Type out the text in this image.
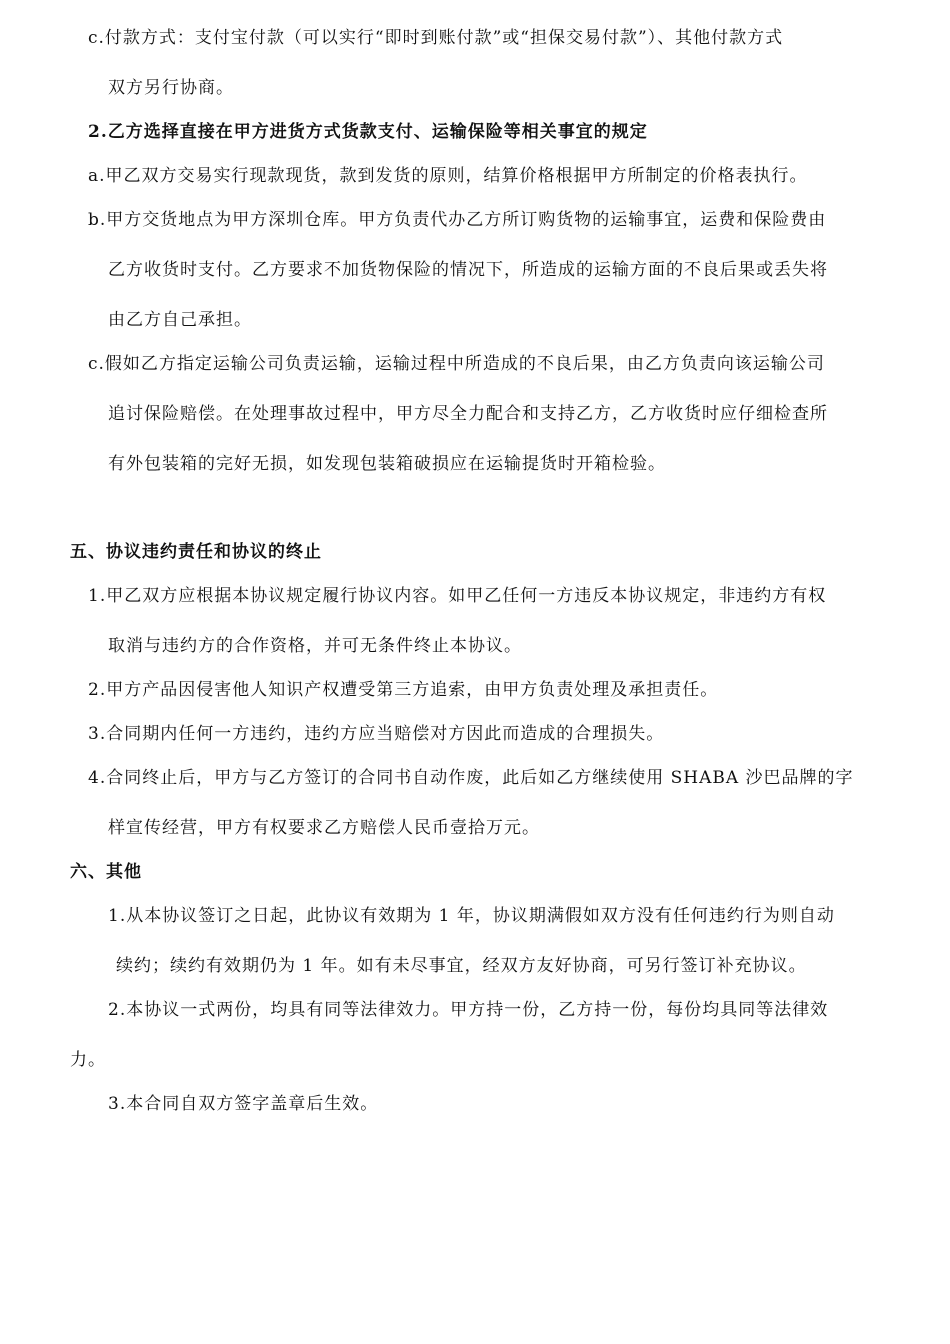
c.付款方式：支付宝付款（可以实行“即时到账付款”或“担保交易付款”）、其他付款方式
双方另行协商。
2.乙方选择直接在甲方进货方式货款支付、运输保险等相关事宜的规定
a.甲乙双方交易实行现款现货，款到发货的原则，结算价格根据甲方所制定的价格表执行。
b.甲方交货地点为甲方深圳仓库。甲方负责代办乙方所订购货物的运输事宜，运费和保险费由
乙方收货时支付。乙方要求不加货物保险的情况下，所造成的运输方面的不良后果或丢失将
由乙方自己承担。
c.假如乙方指定运输公司负责运输，运输过程中所造成的不良后果，由乙方负责向该运输公司
追讨保险赔偿。在处理事故过程中，甲方尽全力配合和支持乙方，乙方收货时应仔细检查所
有外包装箱的完好无损，如发现包装箱破损应在运输提货时开箱检验。
五、协议违约责任和协议的终止
1.甲乙双方应根据本协议规定履行协议内容。如甲乙任何一方违反本协议规定，非违约方有权
取消与违约方的合作资格，并可无条件终止本协议。
2.甲方产品因侵害他人知识产权遭受第三方追索，由甲方负责处理及承担责任。
3.合同期内任何一方违约，违约方应当赔偿对方因此而造成的合理损失。
4.合同终止后，甲方与乙方签订的合同书自动作废，此后如乙方继续使用 SHABA 沙巴品牌的字
样宣传经营，甲方有权要求乙方赔偿人民币壹拾万元。
六、其他
1.从本协议签订之日起，此协议有效期为 1 年，协议期满假如双方没有任何违约行为则自动
续约；续约有效期仍为 1 年。如有未尽事宜，经双方友好协商，可另行签订补充协议。
2.本协议一式两份，均具有同等法律效力。甲方持一份，乙方持一份，每份均具同等法律效
力。
3.本合同自双方签字盖章后生效。
